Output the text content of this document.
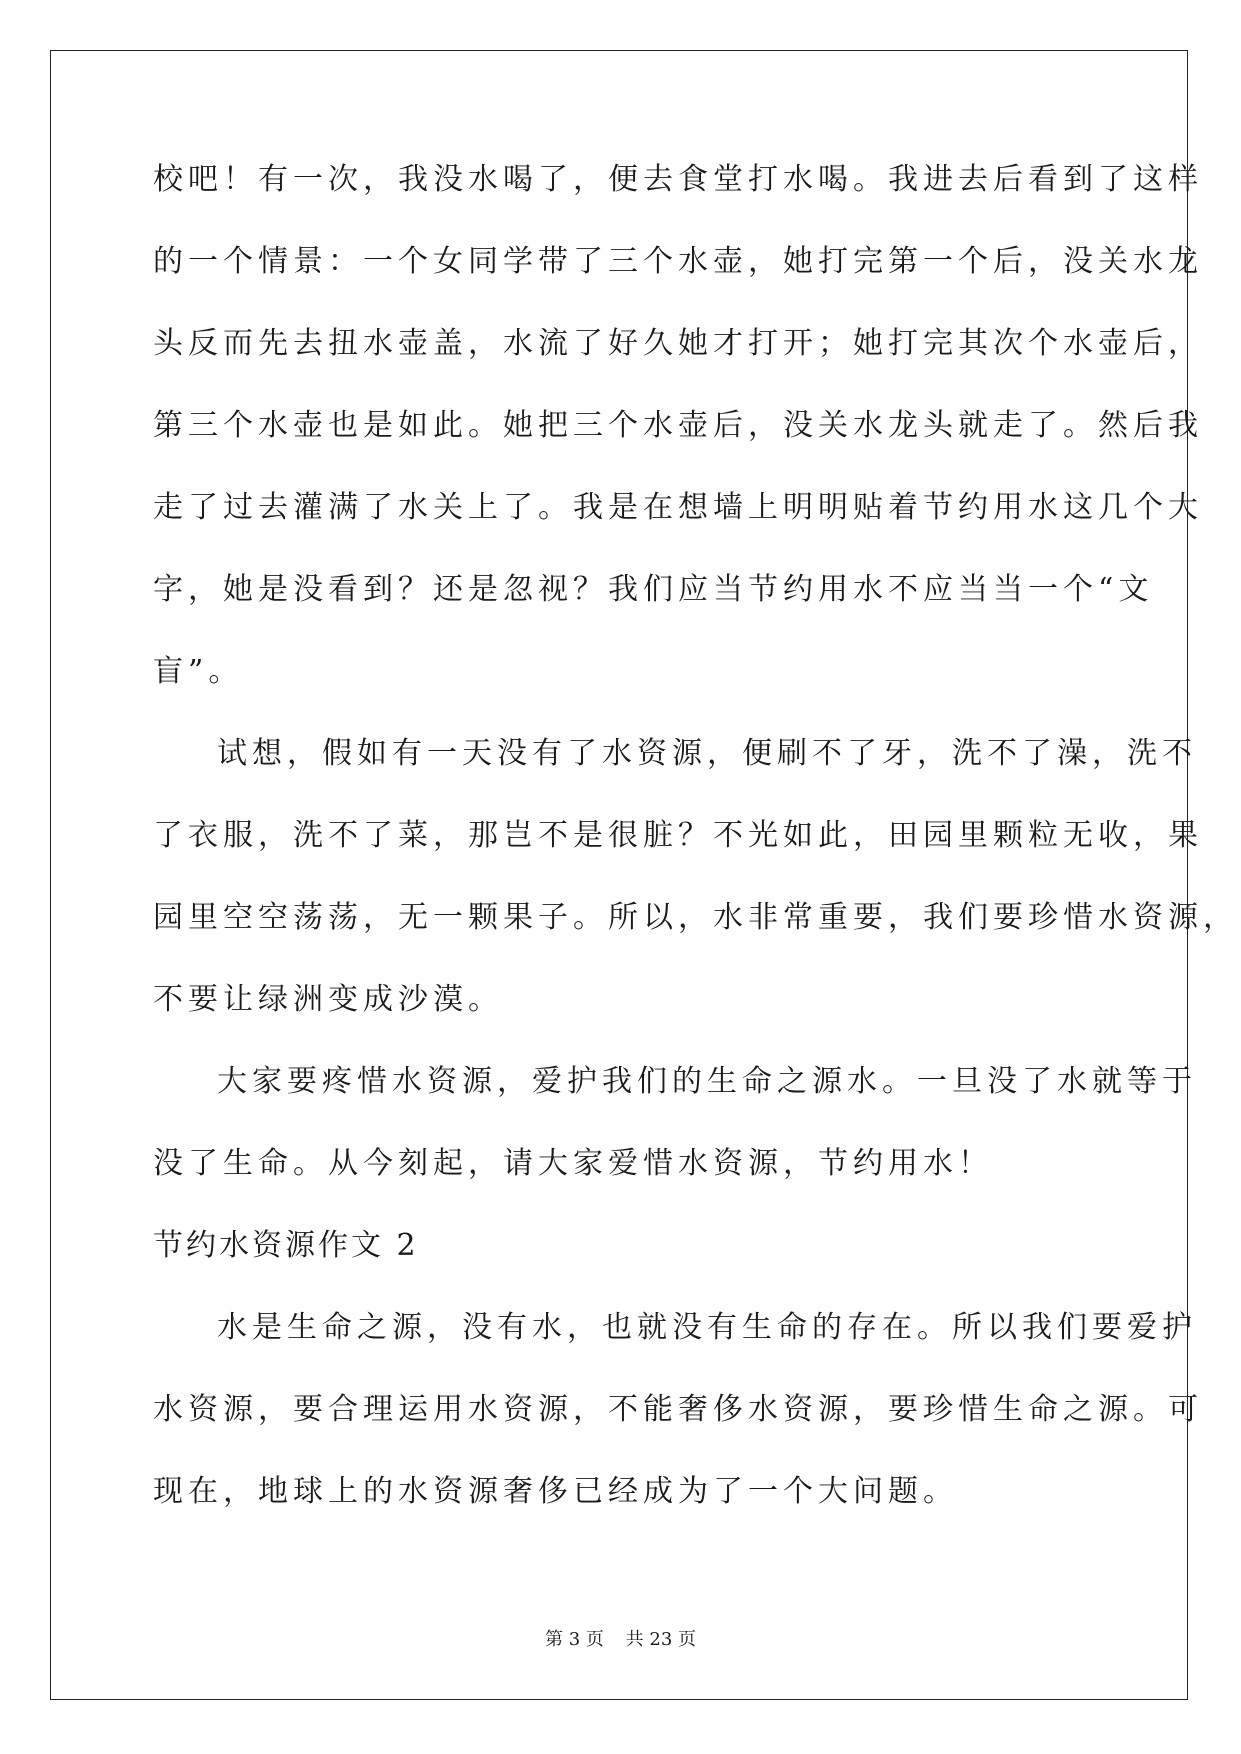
校吧！有一次，我没水喝了，便去食堂打水喝。我进去后看到了这样
的一个情景：一个女同学带了三个水壶，她打完第一个后，没关水龙
头反而先去扭水壶盖，水流了好久她才打开；她打完其次个水壶后，
第三个水壶也是如此。她把三个水壶后，没关水龙头就走了。然后我
走了过去灌满了水关上了。我是在想墙上明明贴着节约用水这几个大
字，她是没看到？还是忽视？我们应当节约用水不应当当一个“文
盲”。
试想，假如有一天没有了水资源，便刷不了牙，洗不了澡，洗不
了衣服，洗不了菜，那岂不是很脏？不光如此，田园里颗粒无收，果
园里空空荡荡，无一颗果子。所以，水非常重要，我们要珍惜水资源，
不要让绿洲变成沙漠。
大家要疼惜水资源，爱护我们的生命之源水。一旦没了水就等于
没了生命。从今刻起，请大家爱惜水资源，节约用水！
节约水资源作文 2
水是生命之源，没有水，也就没有生命的存在。所以我们要爱护
水资源，要合理运用水资源，不能奢侈水资源，要珍惜生命之源。可
现在，地球上的水资源奢侈已经成为了一个大问题。
第 3 页 共 23 页
